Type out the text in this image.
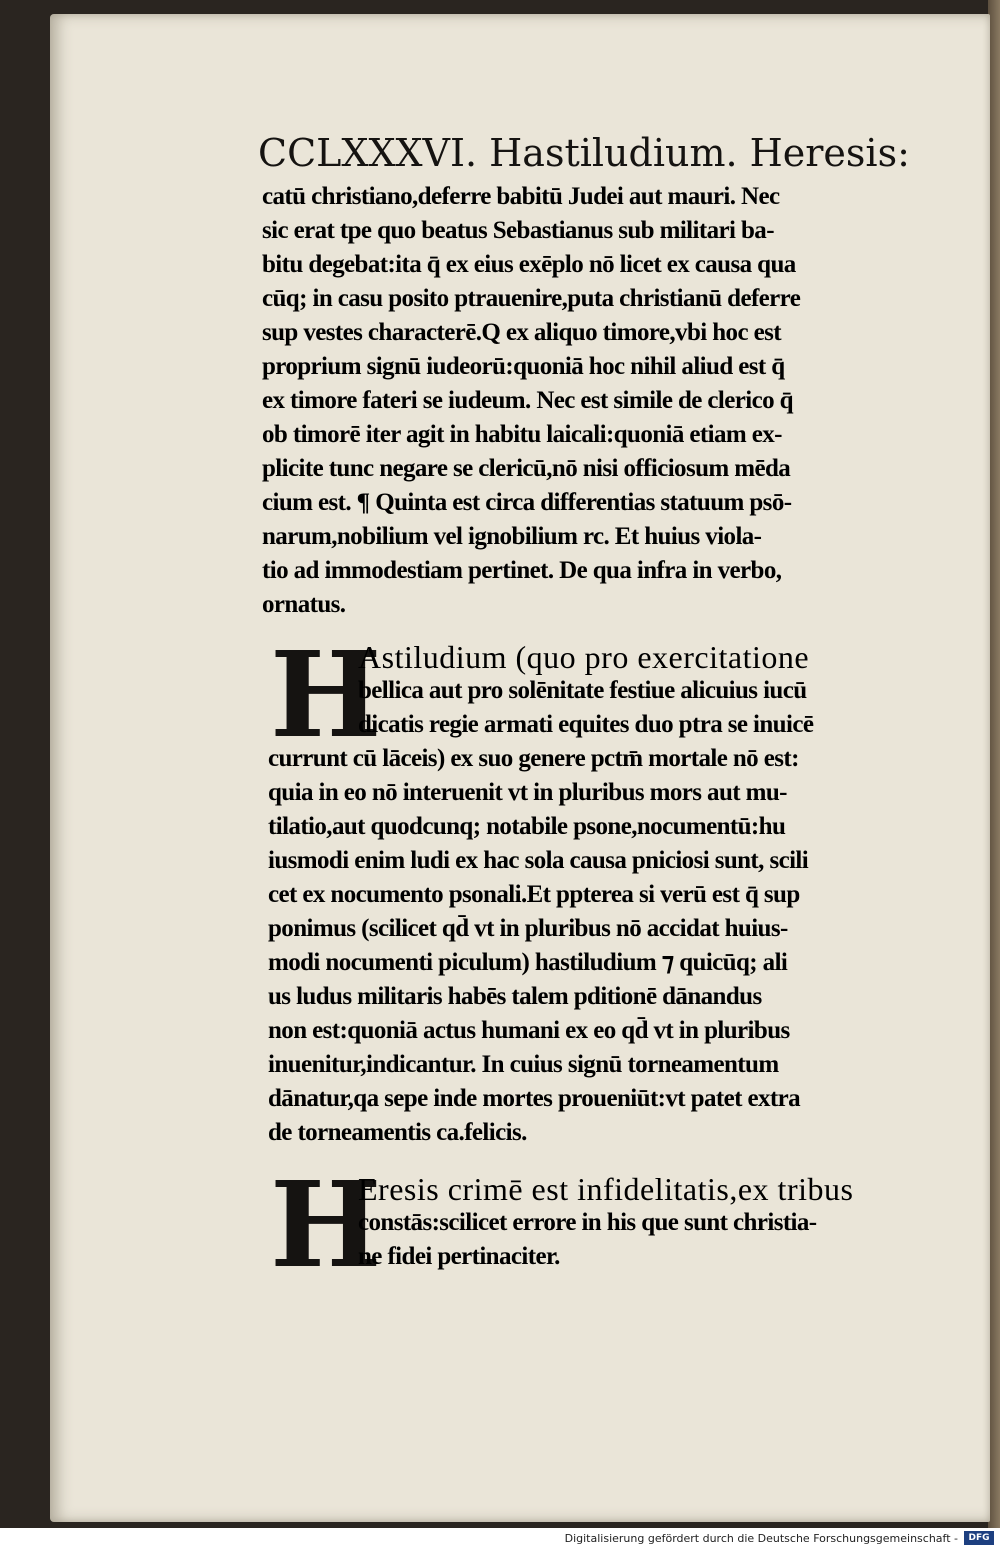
CCLXXXVI. Hastiludium. Heresis:
catū christiano,deferre babitū Judei aut mauri. Nec
sic erat tpe quo beatus Sebastianus sub militari ba-
bitu degebat:ita q̄ ex eius exēplo nō licet ex causa qua
cūq; in casu posito ptrauenire,puta christianū deferre
sup vestes characterē.Q ex aliquo timore,vbi hoc est
proprium signū iudeorū:quoniā hoc nihil aliud est q̄
ex timore fateri se iudeum. Nec est simile de clerico q̄
ob timorē iter agit in habitu laicali:quoniā etiam ex-
plicite tunc negare se clericū,nō nisi officiosum mēda
cium est. ¶ Quinta est circa differentias statuum psō-
narum,nobilium vel ignobilium rc. Et huius viola-
tio ad immodestiam pertinet. De qua infra in verbo,
ornatus.
H
Astiludium (quo pro exercitatione
bellica aut pro solēnitate festiue alicuius iucū
dicatis regie armati equites duo ptra se inuicē
currunt cū lāceis) ex suo genere pctm̄ mortale nō est:
quia in eo nō interuenit vt in pluribus mors aut mu-
tilatio,aut quodcunq; notabile psone,nocumentū:hu
iusmodi enim ludi ex hac sola causa pniciosi sunt, scili
cet ex nocumento psonali.Et ppterea si verū est q̄ sup
ponimus (scilicet qd̄ vt in pluribus nō accidat huius-
modi nocumenti piculum) hastiludium ⁊ quicūq; ali
us ludus militaris habēs talem pditionē dānandus
non est:quoniā actus humani ex eo qd̄ vt in pluribus
inuenitur,indicantur. In cuius signū torneamentum
dānatur,qa sepe inde mortes proueniūt:vt patet extra
de torneamentis ca.felicis.
H
Eresis crimē est infidelitatis,ex tribus
constās:scilicet errore in his que sunt christia-
ne fidei pertinaciter.
Digitalisierung gefördert durch die Deutsche Forschungsgemeinschaft -	DFG
